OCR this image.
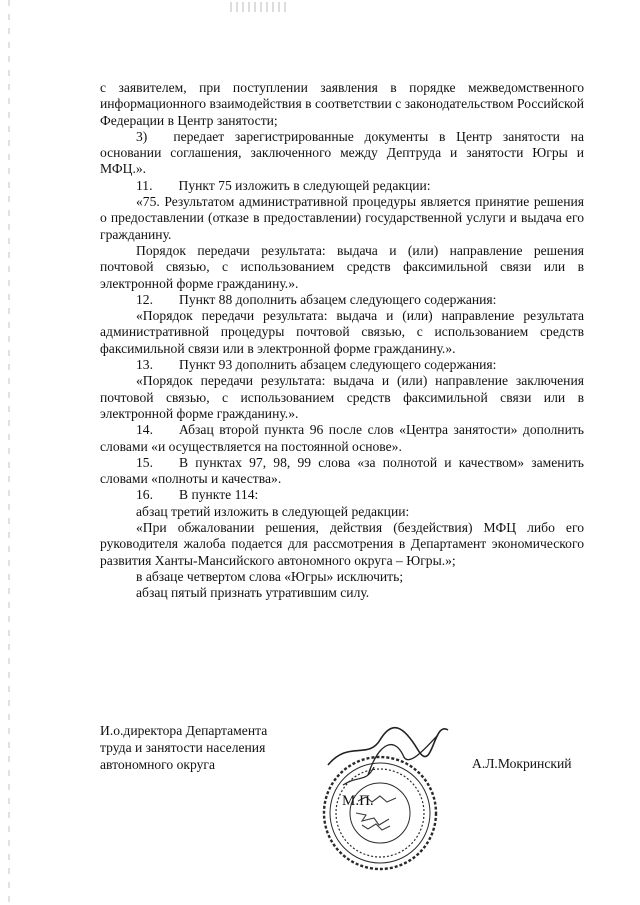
с заявителем, при поступлении заявления в порядке межведомственного информационного взаимодействия в соответствии с законодательством Российской Федерации в Центр занятости;

3) передает зарегистрированные документы в Центр занятости на основании соглашения, заключенного между Дептруда и занятости Югры и МФЦ.».

11. Пункт 75 изложить в следующей редакции:

«75. Результатом административной процедуры является принятие решения о предоставлении (отказе в предоставлении) государственной услуги и выдача его гражданину.

Порядок передачи результата: выдача и (или) направление решения почтовой связью, с использованием средств факсимильной связи или в электронной форме гражданину.».

12. Пункт 88 дополнить абзацем следующего содержания:

«Порядок передачи результата: выдача и (или) направление результата административной процедуры почтовой связью, с использованием средств факсимильной связи или в электронной форме гражданину.».

13. Пункт 93 дополнить абзацем следующего содержания:

«Порядок передачи результата: выдача и (или) направление заключения почтовой связью, с использованием средств факсимильной связи или в электронной форме гражданину.».

14. Абзац второй пункта 96 после слов «Центра занятости» дополнить словами «и осуществляется на постоянной основе».

15. В пунктах 97, 98, 99 слова «за полнотой и качеством» заменить словами «полноты и качества».

16. В пункте 114:

абзац третий изложить в следующей редакции:

«При обжаловании решения, действия (бездействия) МФЦ либо его руководителя жалоба подается для рассмотрения в Департамент экономического развития Ханты-Мансийского автономного округа – Югры.»;

в абзаце четвертом слова «Югры» исключить;

абзац пятый признать утратившим силу.

И.о.директора Департамента
труда и занятости населения
автономного округа
М.П.
А.Л.Мокринский
